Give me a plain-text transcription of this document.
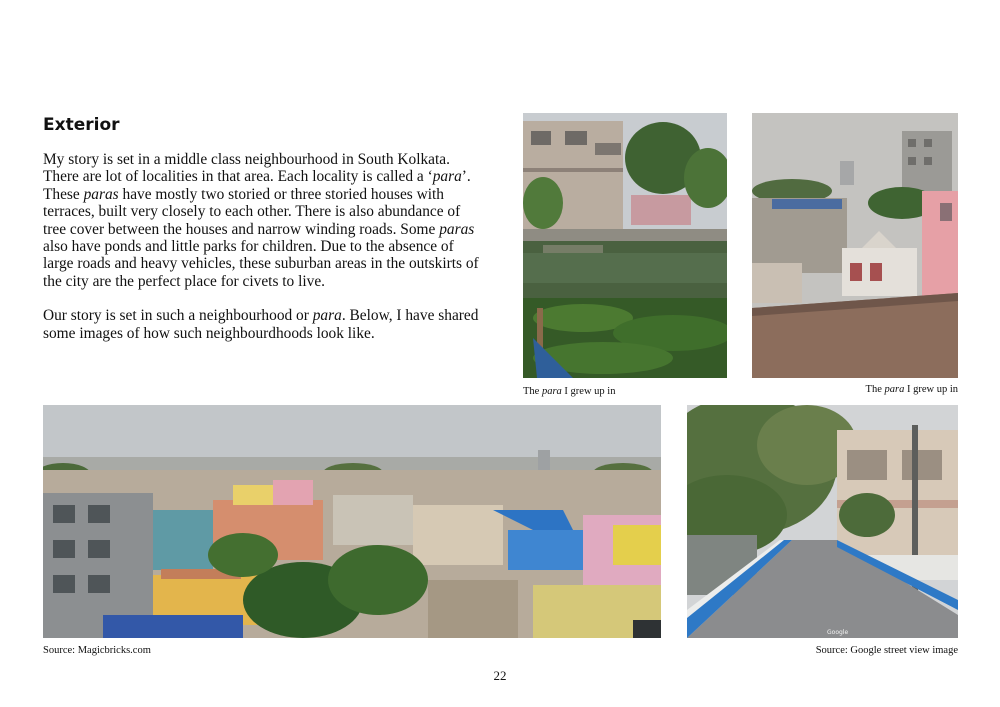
Exterior

My story is set in a middle class neighbourhood in South Kolkata. There are lot of localities in that area. Each locality is called a ‘para’. These paras have mostly two storied or three storied houses with terraces, built very closely to each other. There is also abundance of tree cover between the houses and narrow winding roads. Some paras also have ponds and little parks for children. Due to the absence of large roads and heavy vehicles, these suburban areas in the outskirts of the city are the perfect place for civets to live.

Our story is set in such a neighbourhood or para. Below, I have shared some images of how such neighbourdhoods look like.

The para I grew up in	The para I grew up in

Source: Magicbricks.com

Google

Source: Google street view image

22
